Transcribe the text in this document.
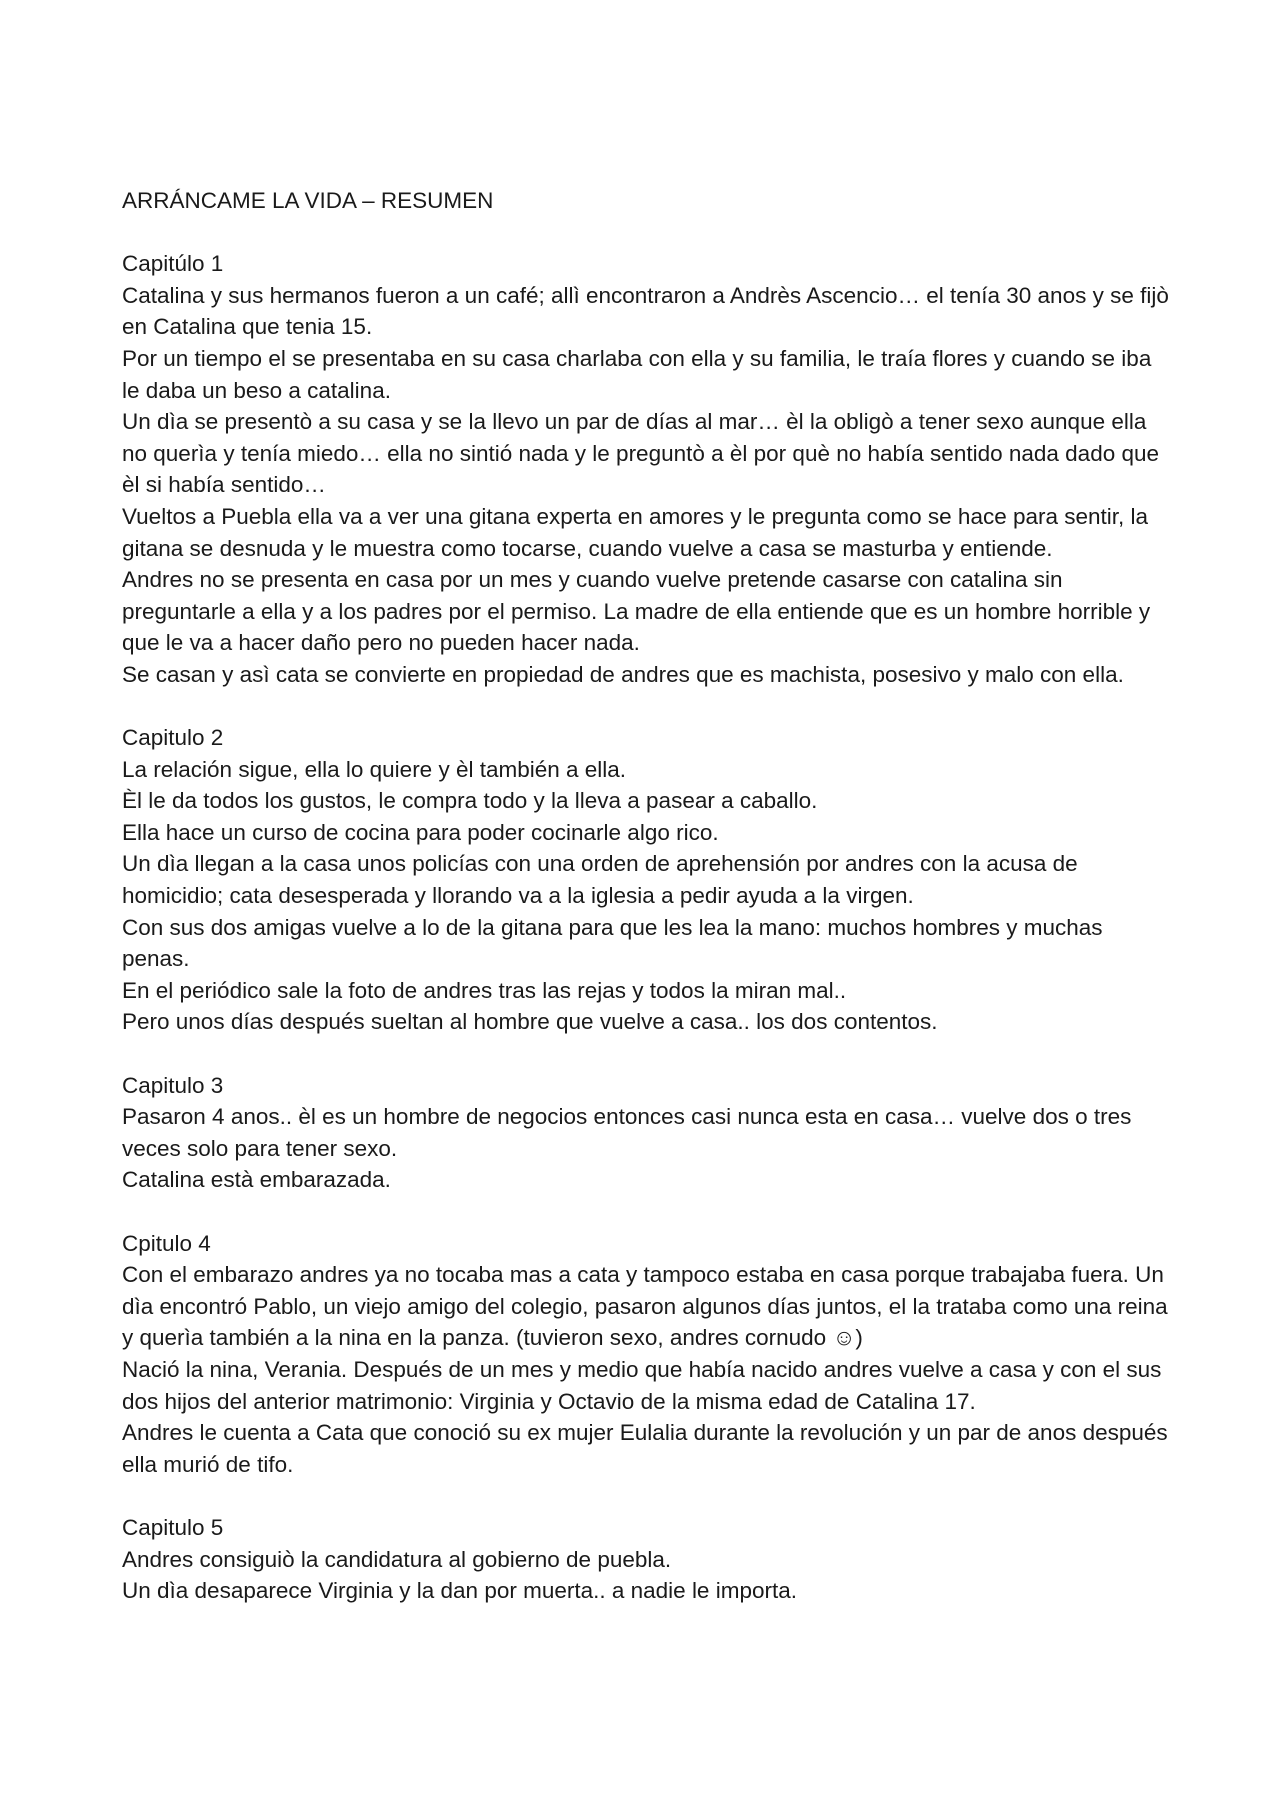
ARRÁNCAME LA VIDA – RESUMEN

Capitúlo 1

Catalina y sus hermanos fueron a un café; allì encontraron a Andrès Ascencio… el tenía 30 anos y se fijò en Catalina que tenia 15.

Por un tiempo el se presentaba en su casa charlaba con ella y su familia, le traía flores y cuando se iba le daba un beso a catalina.

Un dìa se presentò a su casa y se la llevo un par de días al mar… èl la obligò a tener sexo aunque ella no querìa y tenía miedo… ella no sintió nada y le preguntò a èl por què no había sentido nada dado que èl si había sentido…

Vueltos a Puebla ella va a ver una gitana experta en amores y le pregunta como se hace para sentir, la gitana se desnuda y le muestra como tocarse, cuando vuelve a casa se masturba y entiende.

Andres no se presenta en casa por un mes y cuando vuelve pretende casarse con catalina sin preguntarle a ella y a los padres por el permiso. La madre de ella entiende que es un hombre horrible y que le va a hacer daño pero no pueden hacer nada.

Se casan y asì cata se convierte en propiedad de andres que es machista, posesivo y malo con ella.

Capitulo 2

La relación sigue, ella lo quiere y èl también a ella.

Èl le da todos los gustos, le compra todo y la lleva a pasear a caballo.

Ella hace un curso de cocina para poder cocinarle algo rico.

Un dìa llegan a la casa unos policías con una orden de aprehensión por andres con la acusa de homicidio; cata desesperada y llorando va a la iglesia a pedir ayuda a la virgen.

Con sus dos amigas vuelve a lo de la gitana para que les lea la mano: muchos hombres y muchas penas.

En el periódico sale la foto de andres tras las rejas y todos la miran mal..

Pero unos días después sueltan al hombre que vuelve a casa.. los dos contentos.

Capitulo 3

Pasaron 4 anos.. èl es un hombre de negocios entonces casi nunca esta en casa… vuelve dos o tres veces solo para tener sexo.

Catalina està embarazada.

Cpitulo 4

Con el embarazo andres ya no tocaba mas a cata y tampoco estaba en casa porque trabajaba fuera. Un dìa encontró Pablo, un viejo amigo del colegio, pasaron algunos días juntos, el la trataba como una reina y querìa también a la nina en la panza. (tuvieron sexo, andres cornudo ☺)

Nació la nina, Verania. Después de un mes y medio que había nacido andres vuelve a casa y con el sus dos hijos del anterior matrimonio: Virginia y Octavio de la misma edad de Catalina 17.

Andres le cuenta a Cata que conoció su ex mujer Eulalia durante la revolución y un par de anos después ella murió de tifo.

Capitulo 5

Andres consiguiò la candidatura al gobierno de puebla.

Un dìa desaparece Virginia y la dan por muerta.. a nadie le importa.
